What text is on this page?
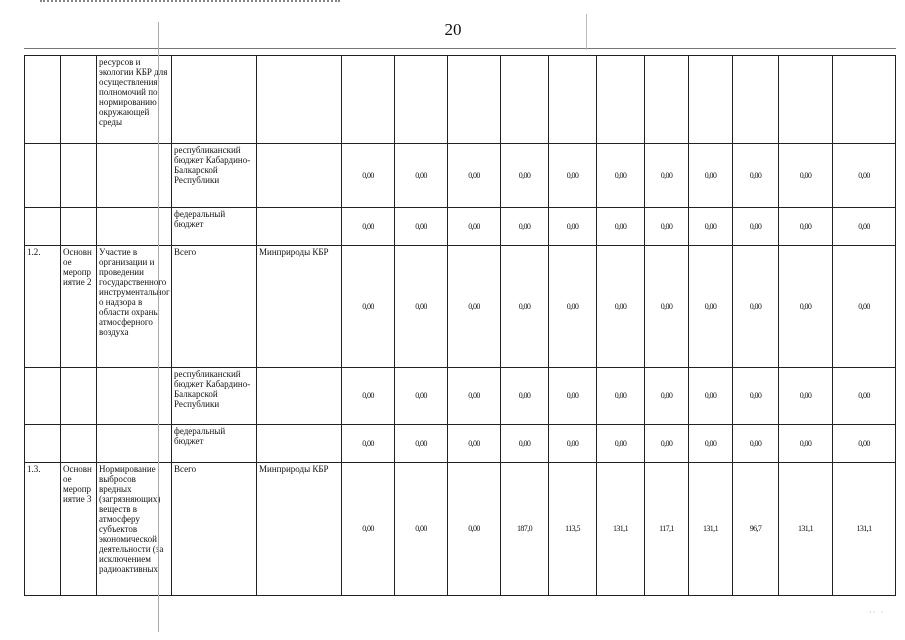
20
		ресурсов и экологии КБР для осуществления полномочий по нормированию окружающей среды													
			республиканский бюджет Кабардино-Балкарской Республики		0,00	0,00	0,00	0,00	0,00	0,00	0,00	0,00	0,00	0,00	0,00
			федеральный бюджет		0,00	0,00	0,00	0,00	0,00	0,00	0,00	0,00	0,00	0,00	0,00
1.2.	Основное мероприятие 2	Участие в организации и проведении государственного инструментального надзора в области охраны атмосферного воздуха	Всего	Минприроды КБР	0,00	0,00	0,00	0,00	0,00	0,00	0,00	0,00	0,00	0,00	0,00
			республиканский бюджет Кабардино-Балкарской Республики		0,00	0,00	0,00	0,00	0,00	0,00	0,00	0,00	0,00	0,00	0,00
			федеральный бюджет		0,00	0,00	0,00	0,00	0,00	0,00	0,00	0,00	0,00	0,00	0,00
1.3.	Основное мероприятие 3	Нормирование выбросов вредных (загрязняющих) веществ в атмосферу субъектов экономической деятельности (за исключением радиоактивных	Всего	Минприроды КБР	0,00	0,00	0,00	187,0	113,5	131,1	117,1	131,1	96,7	131,1	131,1
· ·    ·
